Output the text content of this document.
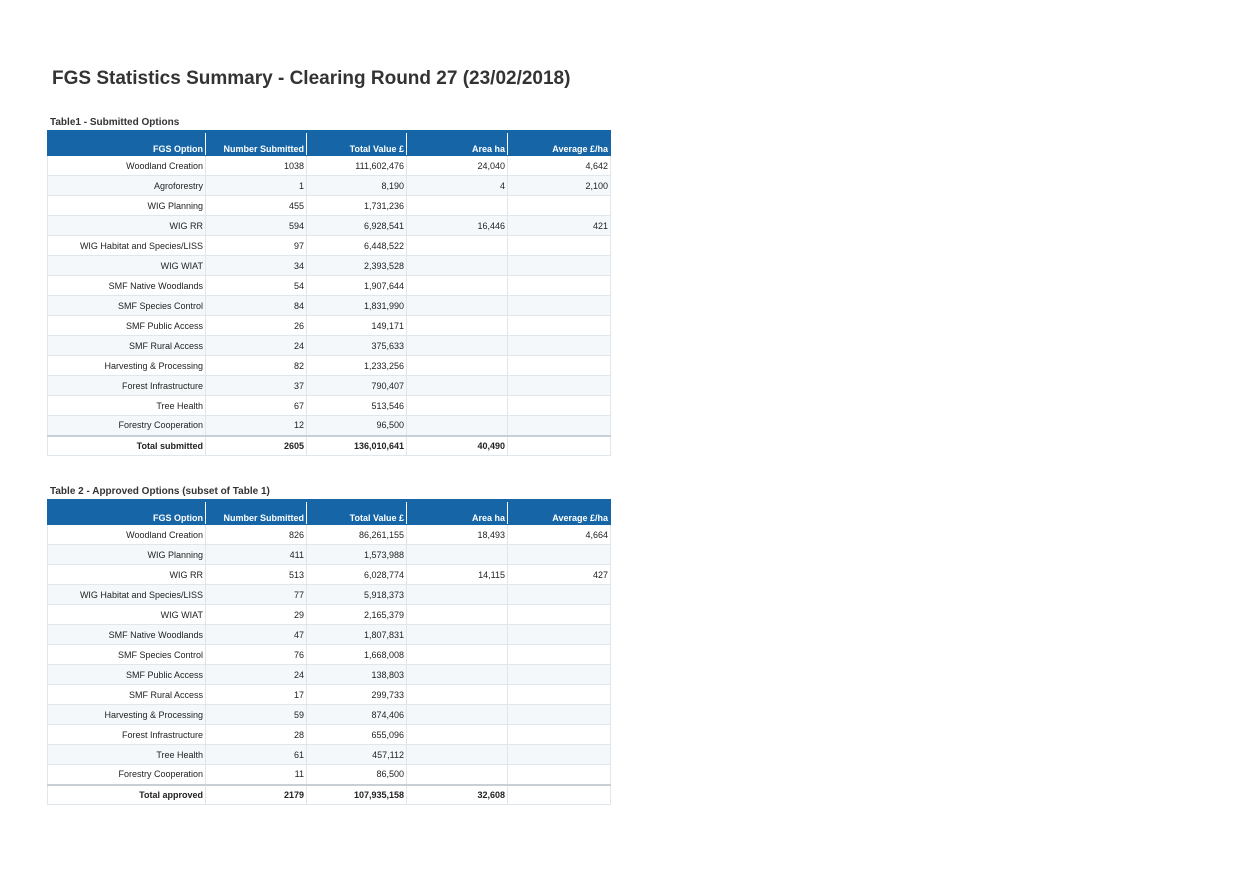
FGS Statistics Summary - Clearing Round 27 (23/02/2018)
Table1 - Submitted Options
FGS Option	Number Submitted	Total Value £	Area ha	Average £/ha
Woodland Creation	1038	111,602,476	24,040	4,642
Agroforestry	1	8,190	4	2,100
WIG Planning	455	1,731,236		
WIG RR	594	6,928,541	16,446	421
WIG Habitat and Species/LISS	97	6,448,522		
WIG WIAT	34	2,393,528		
SMF Native Woodlands	54	1,907,644		
SMF Species Control	84	1,831,990		
SMF Public Access	26	149,171		
SMF Rural Access	24	375,633		
Harvesting & Processing	82	1,233,256		
Forest Infrastructure	37	790,407		
Tree Health	67	513,546		
Forestry Cooperation	12	96,500		
Total submitted	2605	136,010,641	40,490	
Table 2 - Approved Options (subset of Table 1)
FGS Option	Number Submitted	Total Value £	Area ha	Average £/ha
Woodland Creation	826	86,261,155	18,493	4,664
WIG Planning	411	1,573,988		
WIG RR	513	6,028,774	14,115	427
WIG Habitat and Species/LISS	77	5,918,373		
WIG WIAT	29	2,165,379		
SMF Native Woodlands	47	1,807,831		
SMF Species Control	76	1,668,008		
SMF Public Access	24	138,803		
SMF Rural Access	17	299,733		
Harvesting & Processing	59	874,406		
Forest Infrastructure	28	655,096		
Tree Health	61	457,112		
Forestry Cooperation	11	86,500		
Total approved	2179	107,935,158	32,608	
